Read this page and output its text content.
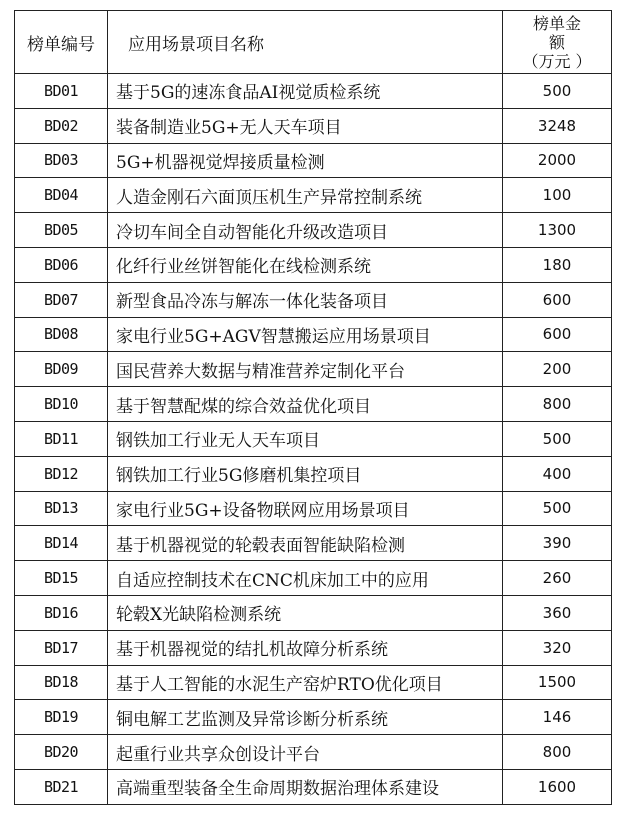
榜单编号	应用场景项目名称	榜单金
额
（万元 ）

BD01	基于5G的速冻食品AI视觉质检系统	500
BD02	装备制造业5G+无人天车项目	3248
BD03	5G+机器视觉焊接质量检测	2000
BD04	人造金刚石六面顶压机生产异常控制系统	100
BD05	冷切车间全自动智能化升级改造项目	1300
BD06	化纤行业丝饼智能化在线检测系统	180
BD07	新型食品冷冻与解冻一体化装备项目	600
BD08	家电行业5G+AGV智慧搬运应用场景项目	600
BD09	国民营养大数据与精准营养定制化平台	200
BD10	基于智慧配煤的综合效益优化项目	800
BD11	钢铁加工行业无人天车项目	500
BD12	钢铁加工行业5G修磨机集控项目	400
BD13	家电行业5G+设备物联网应用场景项目	500
BD14	基于机器视觉的轮毂表面智能缺陷检测	390
BD15	自适应控制技术在CNC机床加工中的应用	260
BD16	轮毂X光缺陷检测系统	360
BD17	基于机器视觉的结扎机故障分析系统	320
BD18	基于人工智能的水泥生产窑炉RTO优化项目	1500
BD19	铜电解工艺监测及异常诊断分析系统	146
BD20	起重行业共享众创设计平台	800
BD21	高端重型装备全生命周期数据治理体系建设	1600
